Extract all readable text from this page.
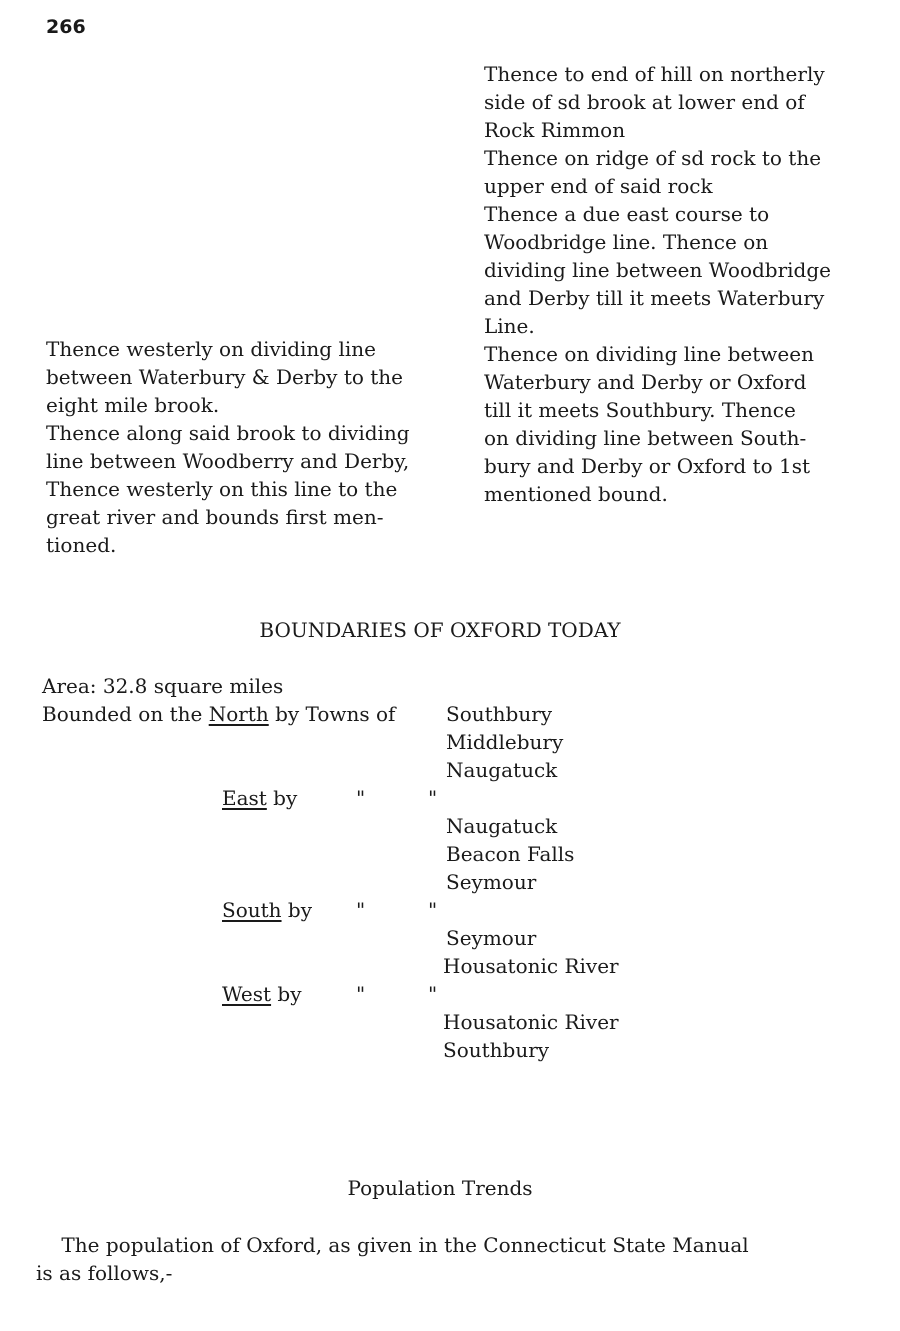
266
Thence to end of hill on northerly
side of sd brook at lower end of
Rock Rimmon
Thence on ridge of sd rock to the
upper end of said rock
Thence a due east course to
Woodbridge line. Thence on
dividing line between Woodbridge
and Derby till it meets Waterbury
Line.
Thence on dividing line between
Waterbury and Derby or Oxford
till it meets Southbury. Thence
on dividing line between South-
bury and Derby or Oxford to 1st
mentioned bound.
Thence westerly on dividing line
between Waterbury & Derby to the
eight mile brook.
Thence along said brook to dividing
line between Woodberry and Derby,
Thence westerly on this line to the
great river and bounds first men-
tioned.
BOUNDARIES OF OXFORD TODAY
Area: 32.8 square miles
Bounded on the North by Towns of	Southbury
Middlebury
Naugatuck
East by	"	"
Naugatuck
Beacon Falls
Seymour
South by "	"
Seymour
Housatonic River
West by	"	"
Housatonic River
Southbury
Population Trends
The population of Oxford, as given in the Connecticut State Manual
is as follows,-
